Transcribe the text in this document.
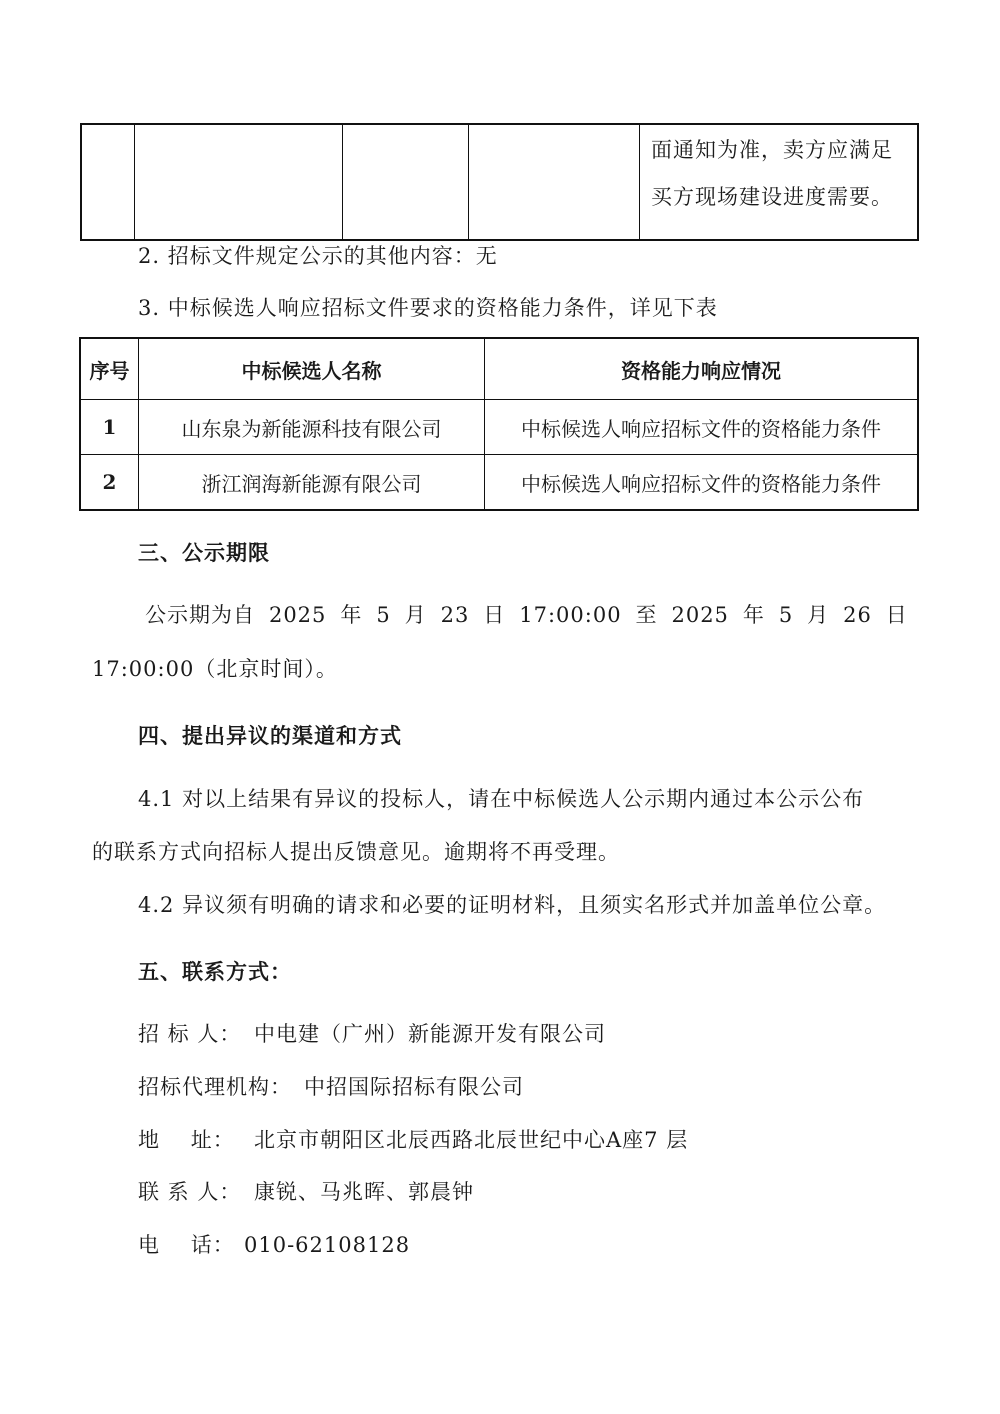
面通知为准，卖方应满足
买方现场建设进度需要。
2. 招标文件规定公示的其他内容：无
3. 中标候选人响应招标文件要求的资格能力条件，详见下表
序号	中标候选人名称	资格能力响应情况
1	山东泉为新能源科技有限公司	中标候选人响应招标文件的资格能力条件
2	浙江润海新能源有限公司	中标候选人响应招标文件的资格能力条件
三、公示期限
公示期为自 2025 年 5 月 23 日 17:00:00 至 2025 年 5 月 26 日
17:00:00（北京时间）。
四、提出异议的渠道和方式
4.1 对以上结果有异议的投标人，请在中标候选人公示期内通过本公示公布
的联系方式向招标人提出反馈意见。逾期将不再受理。
4.2 异议须有明确的请求和必要的证明材料，且须实名形式并加盖单位公章。
五、联系方式：
招 标 人： 中电建（广州）新能源开发有限公司
招标代理机构： 中招国际招标有限公司
地    址： 北京市朝阳区北辰西路北辰世纪中心A座7 层
联 系 人： 康锐、马兆晖、郭晨钟
电    话： 010-62108128
